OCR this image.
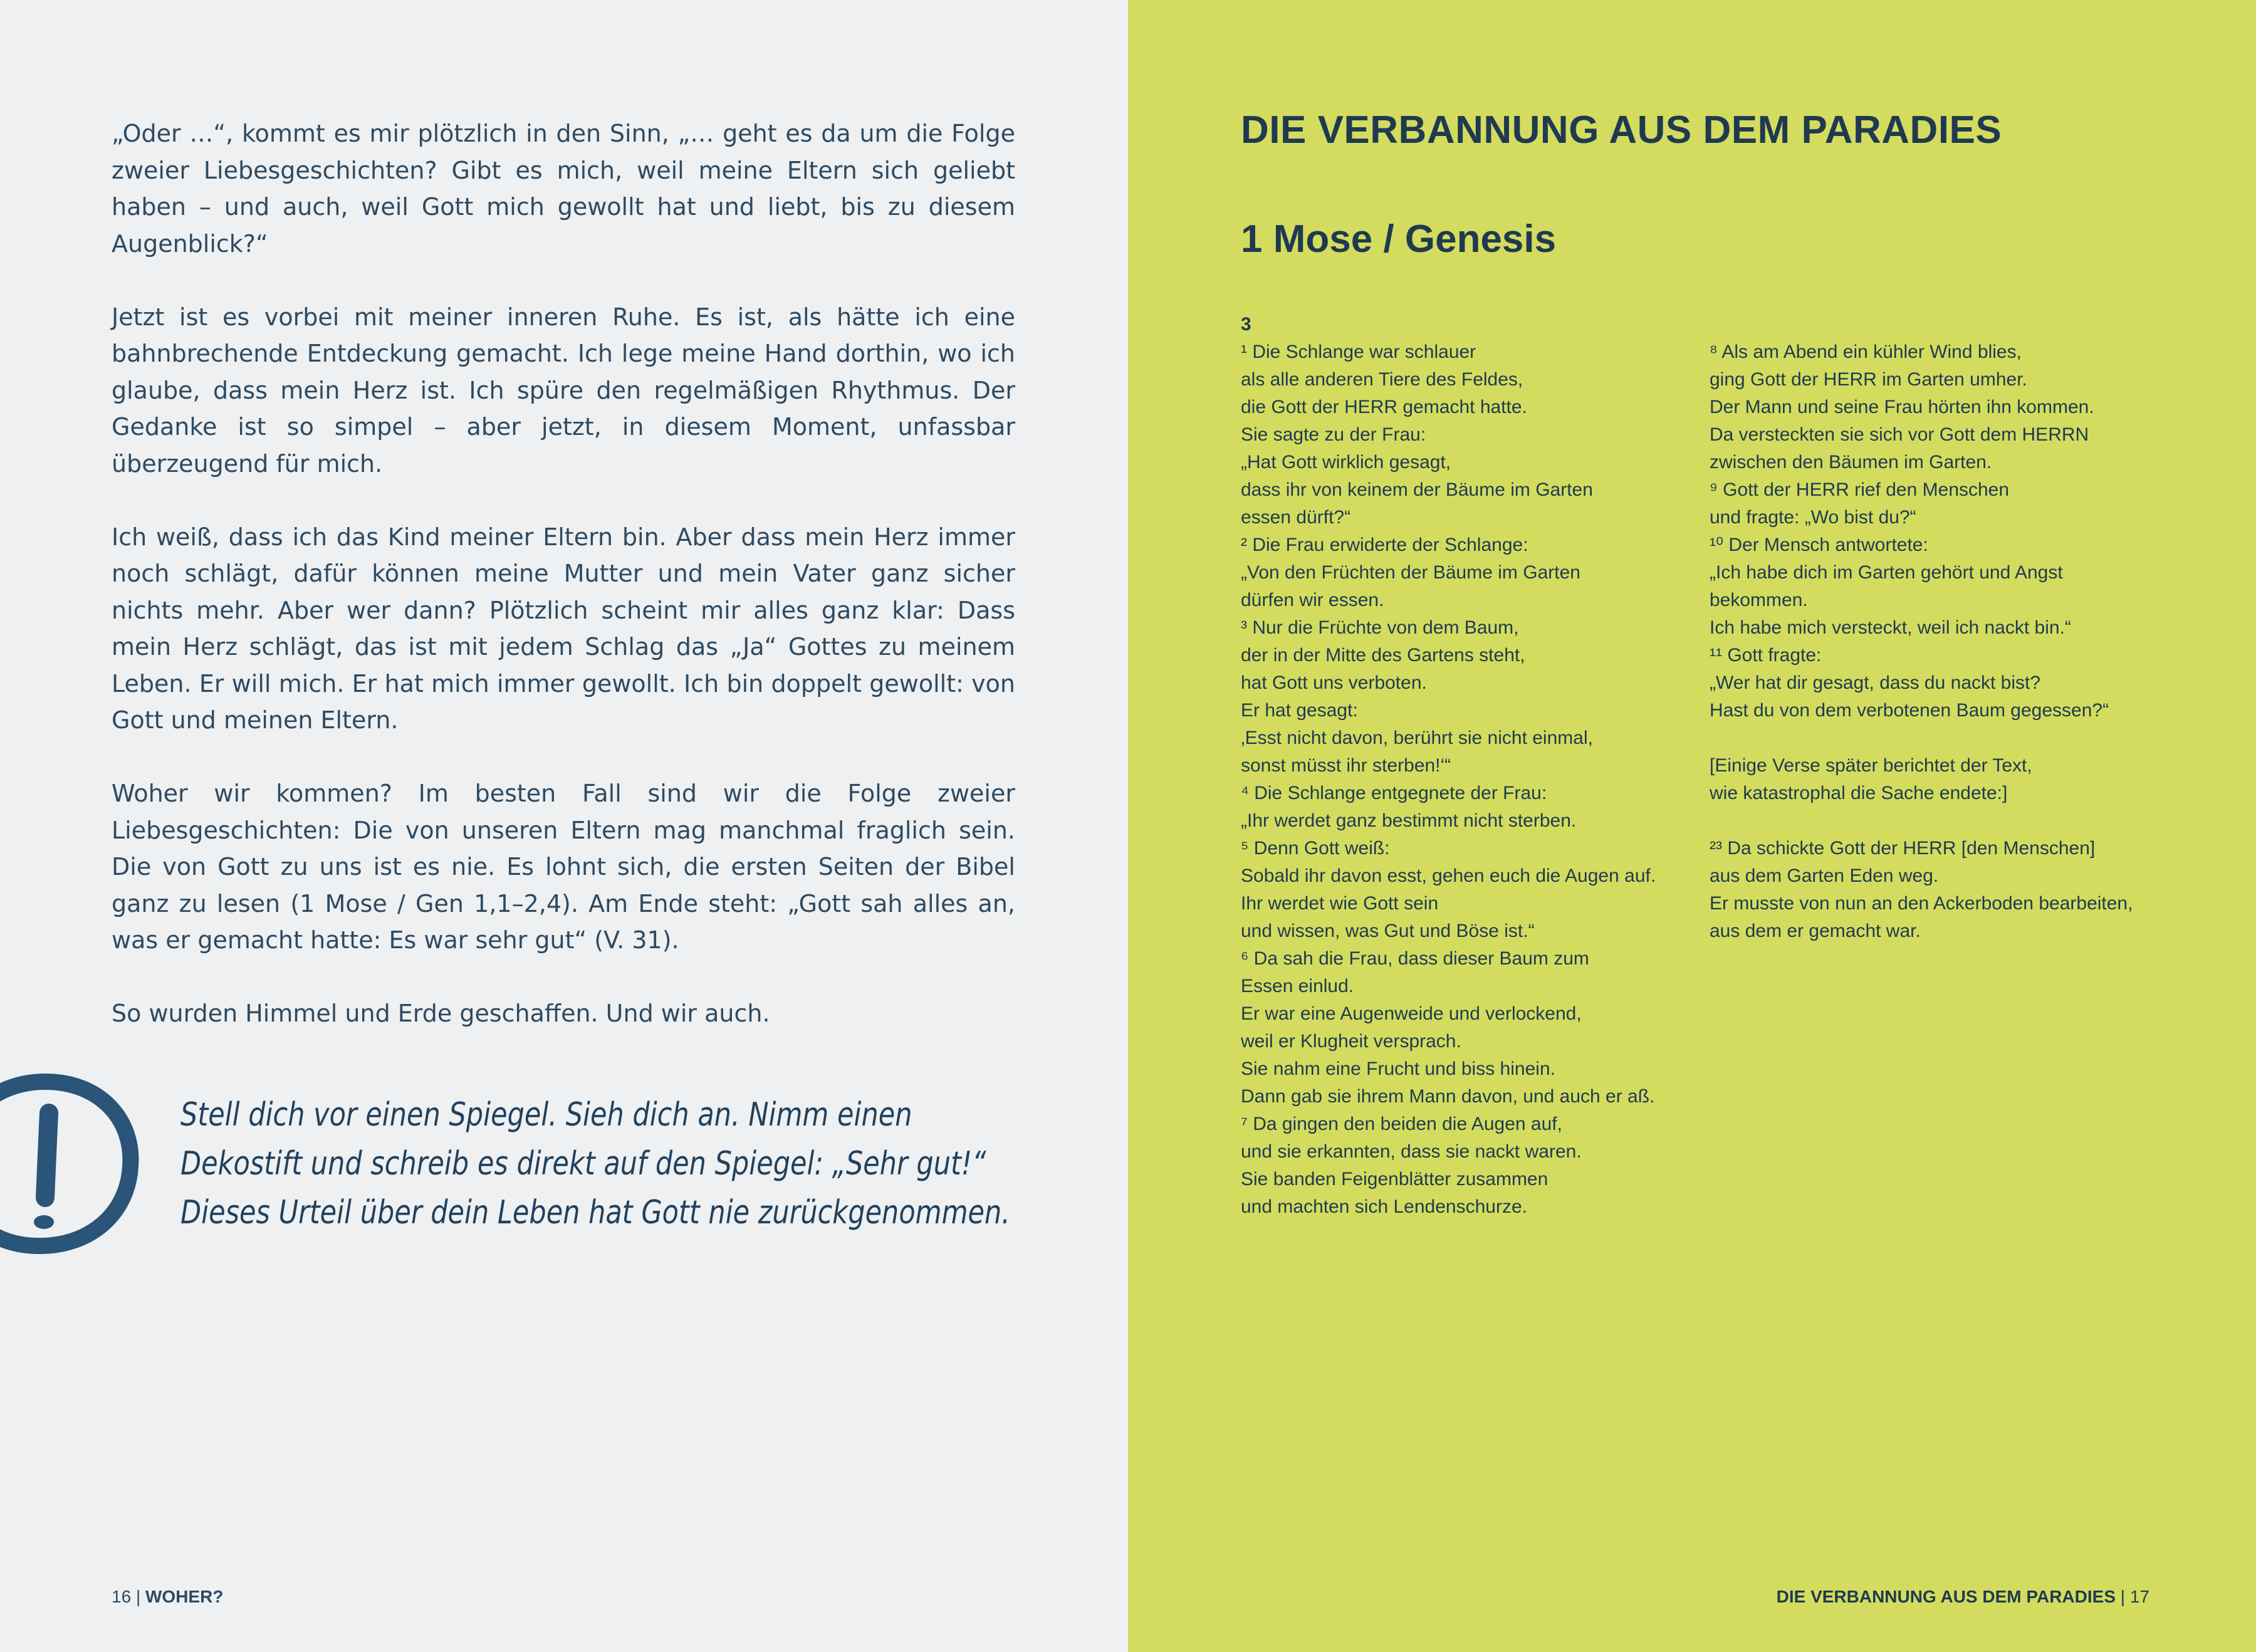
„Oder …“, kommt es mir plötzlich in den Sinn, „… geht es da um die Folge zweier Liebesgeschichten? Gibt es mich, weil meine Eltern sich geliebt haben – und auch, weil Gott mich gewollt hat und liebt, bis zu diesem Augenblick?“

Jetzt ist es vorbei mit meiner inneren Ruhe. Es ist, als hätte ich eine bahnbrechende Entdeckung gemacht. Ich lege meine Hand dorthin, wo ich glaube, dass mein Herz ist. Ich spüre den regelmäßigen Rhythmus. Der Gedanke ist so simpel – aber jetzt, in diesem Moment, unfassbar überzeugend für mich.

Ich weiß, dass ich das Kind meiner Eltern bin. Aber dass mein Herz immer noch schlägt, dafür können meine Mutter und mein Vater ganz sicher nichts mehr. Aber wer dann? Plötzlich scheint mir alles ganz klar: Dass mein Herz schlägt, das ist mit jedem Schlag das „Ja“ Gottes zu meinem Leben. Er will mich. Er hat mich immer gewollt. Ich bin doppelt gewollt: von Gott und meinen Eltern.

Woher wir kommen? Im besten Fall sind wir die Folge zweier Liebesgeschichten: Die von unseren Eltern mag manchmal fraglich sein. Die von Gott zu uns ist es nie. Es lohnt sich, die ersten Seiten der Bibel ganz zu lesen (1 Mose / Gen 1,1–2,4). Am Ende steht: „Gott sah alles an, was er gemacht hatte: Es war sehr gut“ (V. 31).

So wurden Himmel und Erde geschaffen. Und wir auch.

Stell dich vor einen Spiegel. Sieh dich an. Nimm einen
Dekostift und schreib es direkt auf den Spiegel: „Sehr gut!“
Dieses Urteil über dein Leben hat Gott nie zurückgenommen.
16 | WOHER?
DIE VERBANNUNG AUS DEM PARADIES
1 Mose / Genesis
3
¹ Die Schlange war schlauer
als alle anderen Tiere des Feldes,
die Gott der HERR gemacht hatte.
Sie sagte zu der Frau:
„Hat Gott wirklich gesagt,
dass ihr von keinem der Bäume im Garten
essen dürft?“
² Die Frau erwiderte der Schlange:
„Von den Früchten der Bäume im Garten
dürfen wir essen.
³ Nur die Früchte von dem Baum,
der in der Mitte des Gartens steht,
hat Gott uns verboten.
Er hat gesagt:
‚Esst nicht davon, berührt sie nicht einmal,
sonst müsst ihr sterben!‘“
⁴ Die Schlange entgegnete der Frau:
„Ihr werdet ganz bestimmt nicht sterben.
⁵ Denn Gott weiß:
Sobald ihr davon esst, gehen euch die Augen auf.
Ihr werdet wie Gott sein
und wissen, was Gut und Böse ist.“
⁶ Da sah die Frau, dass dieser Baum zum
Essen einlud.
Er war eine Augenweide und verlockend,
weil er Klugheit versprach.
Sie nahm eine Frucht und biss hinein.
Dann gab sie ihrem Mann davon, und auch er aß.
⁷ Da gingen den beiden die Augen auf,
und sie erkannten, dass sie nackt waren.
Sie banden Feigenblätter zusammen
und machten sich Lendenschurze.
⁸ Als am Abend ein kühler Wind blies,
ging Gott der HERR im Garten umher.
Der Mann und seine Frau hörten ihn kommen.
Da versteckten sie sich vor Gott dem HERRN
zwischen den Bäumen im Garten.
⁹ Gott der HERR rief den Menschen
und fragte: „Wo bist du?“
¹⁰ Der Mensch antwortete:
„Ich habe dich im Garten gehört und Angst
bekommen.
Ich habe mich versteckt, weil ich nackt bin.“
¹¹ Gott fragte:
„Wer hat dir gesagt, dass du nackt bist?
Hast du von dem verbotenen Baum gegessen?“
[Einige Verse später berichtet der Text,
wie katastrophal die Sache endete:]
²³ Da schickte Gott der HERR [den Menschen]
aus dem Garten Eden weg.
Er musste von nun an den Ackerboden bearbeiten,
aus dem er gemacht war.
DIE VERBANNUNG AUS DEM PARADIES | 17
